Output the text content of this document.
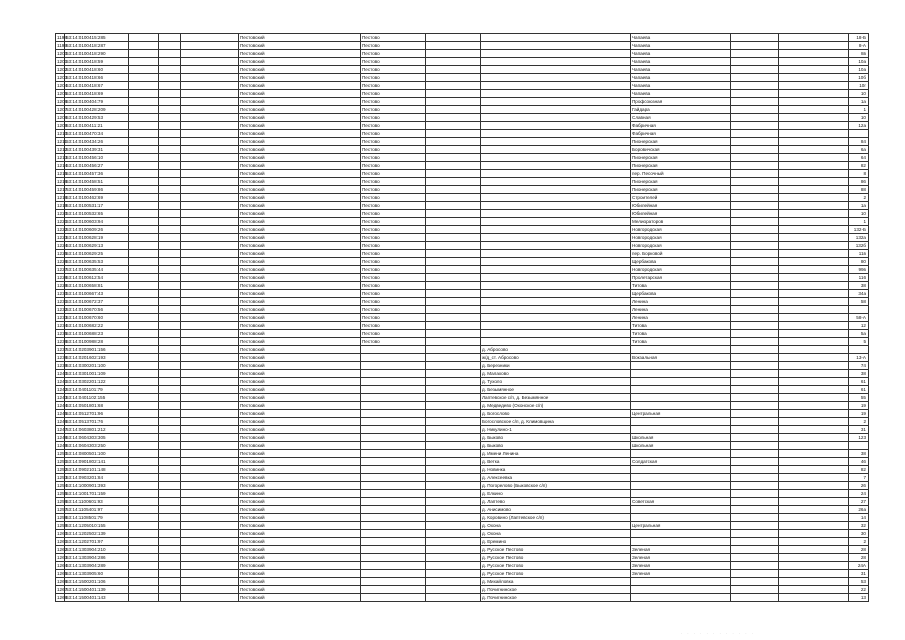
1198	53:14:0100415:285				Пестовский	Пестово			Чапаева			18-Б
1199	53:14:0100418:287				Пестовский	Пестово			Чапаева			8-А
1200	53:14:0100418:290				Пестовский	Пестово			Чапаева			8в
1201	53:14:0100418:59				Пестовский	Пестово			Чапаева			10а
1202	53:14:0100418:60				Пестовский	Пестово			Чапаева			10а
1203	53:14:0100418:66				Пестовский	Пестово			Чапаева			10б
1204	53:14:0100418:67				Пестовский	Пестово			Чапаева			10г
1205	53:14:0100418:69				Пестовский	Пестово			Чапаева			10
1206	53:14:0100404:79				Пестовский	Пестово			Профсоюзная			1а
1207	53:14:0100428:209				Пестовский	Пестово			Гайдара			1
1208	53:14:0100429:53				Пестовский	Пестово			Славная			10
1209	53:14:0100411:21				Пестовский	Пестово			Фабричная			12а
1210	53:14:0100470:34				Пестовский	Пестово			Фабричная			
1211	53:14:0100434:26				Пестовский	Пестово			Пионерская			84
1212	53:14:0100439:31				Пестовский	Пестово			Боровичская			6а
1213	53:14:0100456:10				Пестовский	Пестово			Пионерская			64
1214	53:14:0100456:27				Пестовский	Пестово			Пионерская			82
1215	53:14:0100457:36				Пестовский	Пестово			пер. Песочный			8
1216	53:14:0100458:51				Пестовский	Пестово			Пионерская			86
1217	53:14:0100459:86				Пестовский	Пестово			Пионерская			88
1218	53:14:0100462:69				Пестовский	Пестово			Строителей			2
1219	53:14:0100531:17				Пестовский	Пестово			Юбилейная			1а
1220	53:14:0100532:65				Пестовский	Пестово			Юбилейная			10
1221	53:14:0100603:94				Пестовский	Пестово			Мелиораторов			1
1222	53:14:0100609:26				Пестовский	Пестово			Новгородская			132-Б
1223	53:14:0100628:19				Пестовский	Пестово			Новгородская			132а
1224	53:14:0100629:13				Пестовский	Пестово			Новгородская			132б
1225	53:14:0100629:25				Пестовский	Пестово			пер. Борковой			11в
1226	53:14:0100635:53				Пестовский	Пестово			Щербакова			80
1227	53:14:0100635:44				Пестовский	Пестово			Новгородская			99в
1228	53:14:0100612:54				Пестовский	Пестово			Пролетарская			116
1229	53:14:0100658:81				Пестовский	Пестово			Титова			38
1230	53:14:0100667:43				Пестовский	Пестово			Щербакова			34а
1231	53:14:0100672:37				Пестовский	Пестово			Ленина			58
1232	53:14:0100670:56				Пестовский	Пестово			Ленина			
1233	53:14:0100670:60				Пестовский	Пестово			Ленина			58-А
1234	53:14:0100682:22				Пестовский	Пестово			Титова			12
1235	53:14:0100688:23				Пестовский	Пестово			Титова			5а
1236	53:14:0100988:28				Пестовский	Пестово			Титова			5
1237	53:14:0203901:156				Пестовский			д. Абросово				
1238	53:14:0201602:193				Пестовский			ж/д_ст. Абросово	Вокзальная			13-А
1239	53:14:0300201:100				Пестовский			д. Березники				74
1240	53:14:0301001:109				Пестовский			д. Малахово				38
1241	53:14:0302201:122				Пестовский			д. Тухоло				61
1242	53:14:0401101:79				Пестовский			д. Безымянное				61
1243	53:14:0401102:155				Пестовский			Лаптевское с/п, д. Безымянное				55
1244	53:14:0501801:68				Пестовский			д. Медведево (Охонское с/п)				19
1245	53:14:0512701:96				Пестовский			д. Богослово	Центральная			19
1246	53:14:0513701:76				Пестовский			Богословское с/п, д. Климовщина				2
1247	53:14:0603801:212				Пестовский			д. Никулино-1				31
1248	53:14:0604303:305				Пестовский			д. Быково	Школьная			123
1249	53:14:0604303:250				Пестовский			д. Быково	Школьная			
1250	53:14:0800501:100				Пестовский			д. Имени Ленина				38
1251	53:14:0901802:141				Пестовский			д. Ветка	Солдатская			46
1252	53:14:0902101:148				Пестовский			д. Новинка				82
1253	53:14:0903201:84				Пестовский			д. Алексеевка				7
1254	53:14:1000901:393				Пестовский			д. Погорелово (Быковское с/п)				26
1255	53:14:1001701:159				Пестовский			д. Елкино				24
1256	53:14:1100601:93				Пестовский			д. Лаптево	Советская			27
1257	53:14:1105401:97				Пестовский			д. Анисимово				26а
1258	53:14:1108501:79				Пестовский			д. Коровино (Лаптевское с/п)				14
1259	53:14:1205010:155				Пестовский			д. Охона	Центральная			32
1260	53:14:1202502:139				Пестовский			д. Охона				30
1261	53:14:1202701:97				Пестовский			д. Еремино				2
1262	53:14:1303904:210				Пестовский			д. Русское Пестово	Зеленая			28
1263	53:14:1303904:286				Пестовский			д. Русское Пестово	Зеленая			28
1264	53:14:1303904:289				Пестовский			д. Русское Пестово	Зеленая			24А
1265	53:14:1303905:60				Пестовский			д. Русское Пестово	Зеленая			31
1266	53:14:1500201:106				Пестовский			д. Михайловка				53
1267	53:14:1500401:139				Пестовский			д. Почигнинское				22
1268	53:14:1500401:143				Пестовский			д. Почигнинское				13
· · · · · · · · · · · ·
